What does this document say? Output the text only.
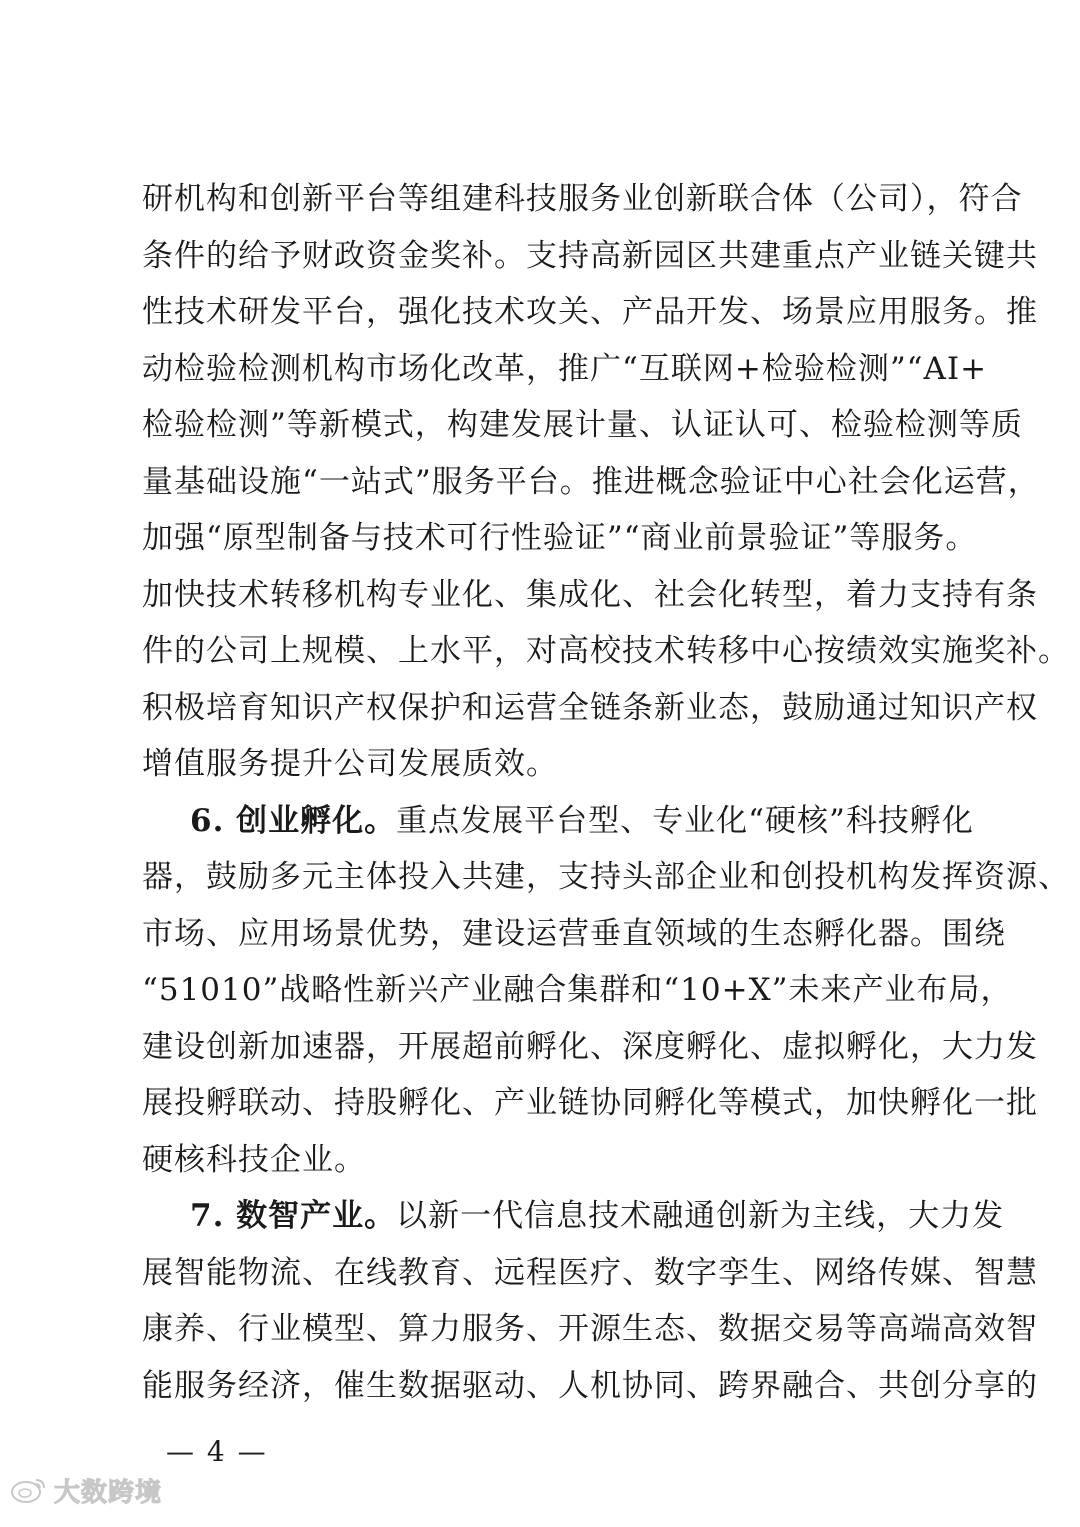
研机构和创新平台等组建科技服务业创新联合体（公司），符合
条件的给予财政资金奖补。支持高新园区共建重点产业链关键共
性技术研发平台，强化技术攻关、产品开发、场景应用服务。推
动检验检测机构市场化改革，推广“互联网+检验检测”“AI+
检验检测”等新模式，构建发展计量、认证认可、检验检测等质
量基础设施“一站式”服务平台。推进概念验证中心社会化运营，
加强“原型制备与技术可行性验证”“商业前景验证”等服务。
加快技术转移机构专业化、集成化、社会化转型，着力支持有条
件的公司上规模、上水平，对高校技术转移中心按绩效实施奖补。
积极培育知识产权保护和运营全链条新业态，鼓励通过知识产权
增值服务提升公司发展质效。
6. 创业孵化。重点发展平台型、专业化“硬核”科技孵化
器，鼓励多元主体投入共建，支持头部企业和创投机构发挥资源、
市场、应用场景优势，建设运营垂直领域的生态孵化器。围绕
“51010”战略性新兴产业融合集群和“10+X”未来产业布局，
建设创新加速器，开展超前孵化、深度孵化、虚拟孵化，大力发
展投孵联动、持股孵化、产业链协同孵化等模式，加快孵化一批
硬核科技企业。
7. 数智产业。以新一代信息技术融通创新为主线，大力发
展智能物流、在线教育、远程医疗、数字孪生、网络传媒、智慧
康养、行业模型、算力服务、开源生态、数据交易等高端高效智
能服务经济，催生数据驱动、人机协同、跨界融合、共创分享的
— 4 —
大数跨境
